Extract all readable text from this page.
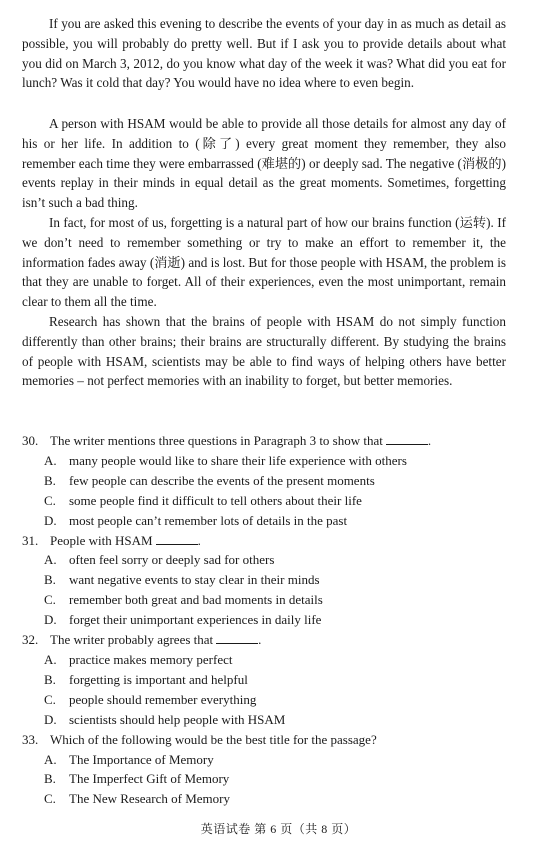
If you are asked this evening to describe the events of your day in as much as detail as possible, you will probably do pretty well. But if I ask you to provide details about what you did on March 3, 2012, do you know what day of the week it was? What did you eat for lunch? Was it cold that day? You would have no idea where to even begin.

A person with HSAM would be able to provide all those details for almost any day of his or her life. In addition to (除了) every great moment they remember, they also remember each time they were embarrassed (难堪的) or deeply sad. The negative (消极的) events replay in their minds in equal detail as the great moments. Sometimes, forgetting isn’t such a bad thing.

In fact, for most of us, forgetting is a natural part of how our brains function (运转). If we don’t need to remember something or try to make an effort to remember it, the information fades away (消逝) and is lost. But for those people with HSAM, the problem is that they are unable to forget. All of their experiences, even the most unimportant, remain clear to them all the time.

Research has shown that the brains of people with HSAM do not simply function differently than other brains; their brains are structurally different. By studying the brains of people with HSAM, scientists may be able to find ways of helping others have better memories – not perfect memories with an inability to forget, but better memories.

30. The writer mentions three questions in Paragraph 3 to show that	.

A. many people would like to share their life experience with others

B. few people can describe the events of the present moments

C. some people find it difficult to tell others about their life

D. most people can’t remember lots of details in the past

31. People with HSAM	.

A. often feel sorry or deeply sad for others

B. want negative events to stay clear in their minds

C. remember both great and bad moments in details

D. forget their unimportant experiences in daily life

32. The writer probably agrees that	.

A. practice makes memory perfect

B. forgetting is important and helpful

C. people should remember everything

D. scientists should help people with HSAM

33. Which of the following would be the best title for the passage?

A. The Importance of Memory

B. The Imperfect Gift of Memory

C. The New Research of Memory

英语试卷 第 6 页（共 8 页）
